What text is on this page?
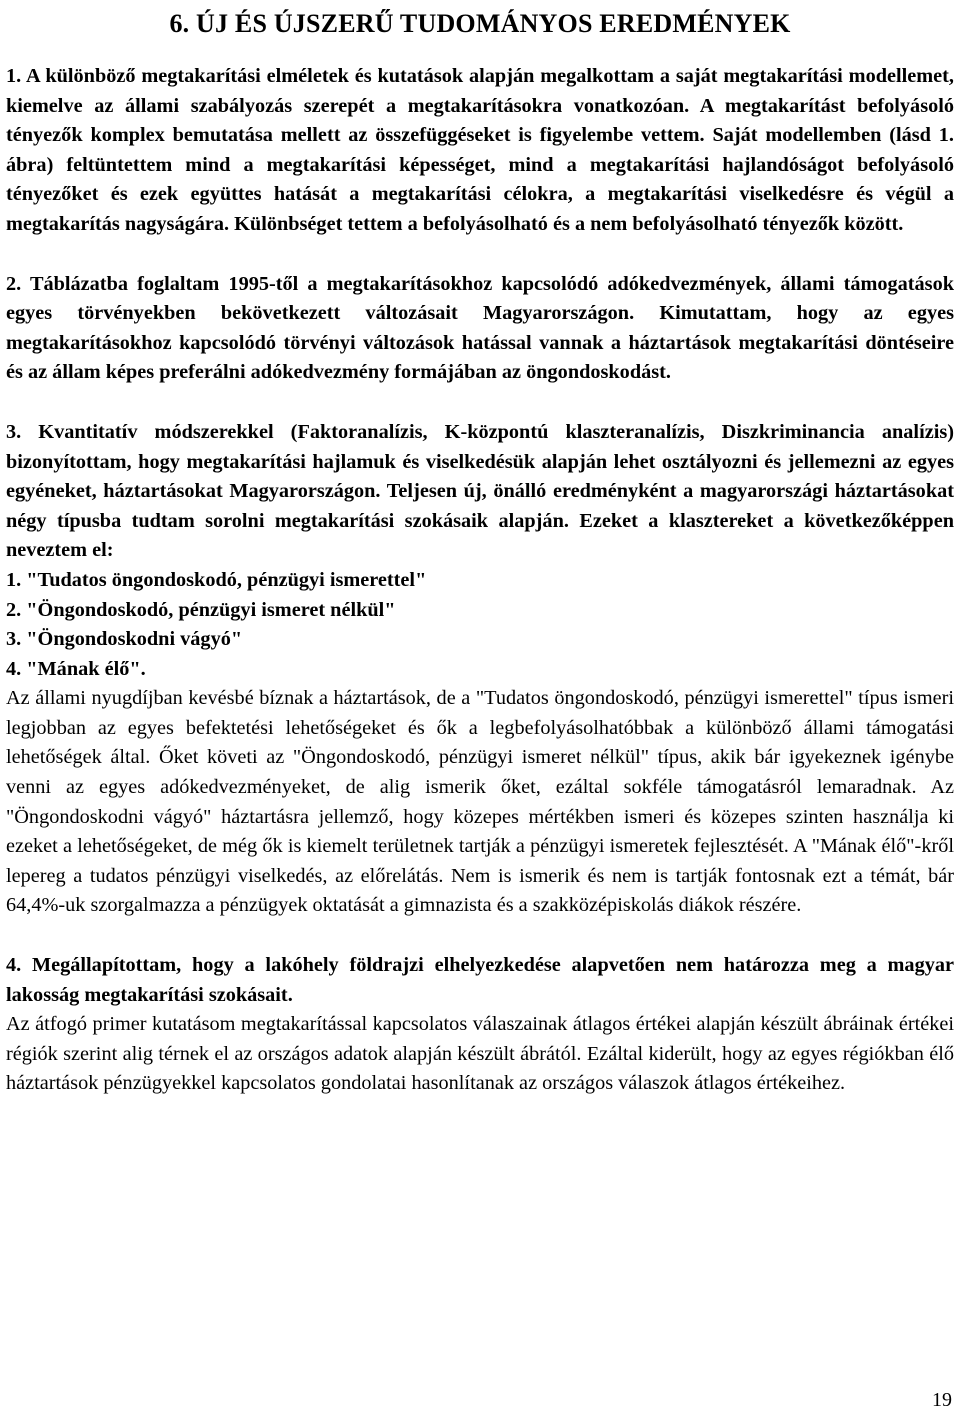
6. ÚJ ÉS ÚJSZERŰ TUDOMÁNYOS EREDMÉNYEK

1. A különböző megtakarítási elméletek és kutatások alapján megalkottam a saját megtakarítási modellemet, kiemelve az állami szabályozás szerepét a megtakarításokra vonatkozóan. A megtakarítást befolyásoló tényezők komplex bemutatása mellett az összefüggéseket is figyelembe vettem. Saját modellemben (lásd 1. ábra) feltüntettem mind a megtakarítási képességet, mind a megtakarítási hajlandóságot befolyásoló tényezőket és ezek együttes hatását a megtakarítási célokra, a megtakarítási viselkedésre és végül a megtakarítás nagyságára. Különbséget tettem a befolyásolható és a nem befolyásolható tényezők között.

2. Táblázatba foglaltam 1995-től a megtakarításokhoz kapcsolódó adókedvezmények, állami támogatások egyes törvényekben bekövetkezett változásait Magyarországon. Kimutattam, hogy az egyes megtakarításokhoz kapcsolódó törvényi változások hatással vannak a háztartások megtakarítási döntéseire és az állam képes preferálni adókedvezmény formájában az öngondoskodást.

3. Kvantitatív módszerekkel (Faktoranalízis, K-központú klaszteranalízis, Diszkriminancia analízis) bizonyítottam, hogy megtakarítási hajlamuk és viselkedésük alapján lehet osztályozni és jellemezni az egyes egyéneket, háztartásokat Magyarországon. Teljesen új, önálló eredményként a magyarországi háztartásokat négy típusba tudtam sorolni megtakarítási szokásaik alapján. Ezeket a klasztereket a következőképpen neveztem el:

1. "Tudatos öngondoskodó, pénzügyi ismerettel"
2. "Öngondoskodó, pénzügyi ismeret nélkül"
3. "Öngondoskodni vágyó"
4. "Mának élő".

Az állami nyugdíjban kevésbé bíznak a háztartások, de a "Tudatos öngondoskodó, pénzügyi ismerettel" típus ismeri legjobban az egyes befektetési lehetőségeket és ők a legbefolyásolhatóbbak a különböző állami támogatási lehetőségek által. Őket követi az "Öngondoskodó, pénzügyi ismeret nélkül" típus, akik bár igyekeznek igénybe venni az egyes adókedvezményeket, de alig ismerik őket, ezáltal sokféle támogatásról lemaradnak. Az "Öngondoskodni vágyó" háztartásra jellemző, hogy közepes mértékben ismeri és közepes szinten használja ki ezeket a lehetőségeket, de még ők is kiemelt területnek tartják a pénzügyi ismeretek fejlesztését. A "Mának élő"-kről lepereg a tudatos pénzügyi viselkedés, az előrelátás. Nem is ismerik és nem is tartják fontosnak ezt a témát, bár 64,4%-uk szorgalmazza a pénzügyek oktatását a gimnazista és a szakközépiskolás diákok részére.

4. Megállapítottam, hogy a lakóhely földrajzi elhelyezkedése alapvetően nem határozza meg a magyar lakosság megtakarítási szokásait.

Az átfogó primer kutatásom megtakarítással kapcsolatos válaszainak átlagos értékei alapján készült ábráinak értékei régiók szerint alig térnek el az országos adatok alapján készült ábrától. Ezáltal kiderült, hogy az egyes régiókban élő háztartások pénzügyekkel kapcsolatos gondolatai hasonlítanak az országos válaszok átlagos értékeihez.

19
